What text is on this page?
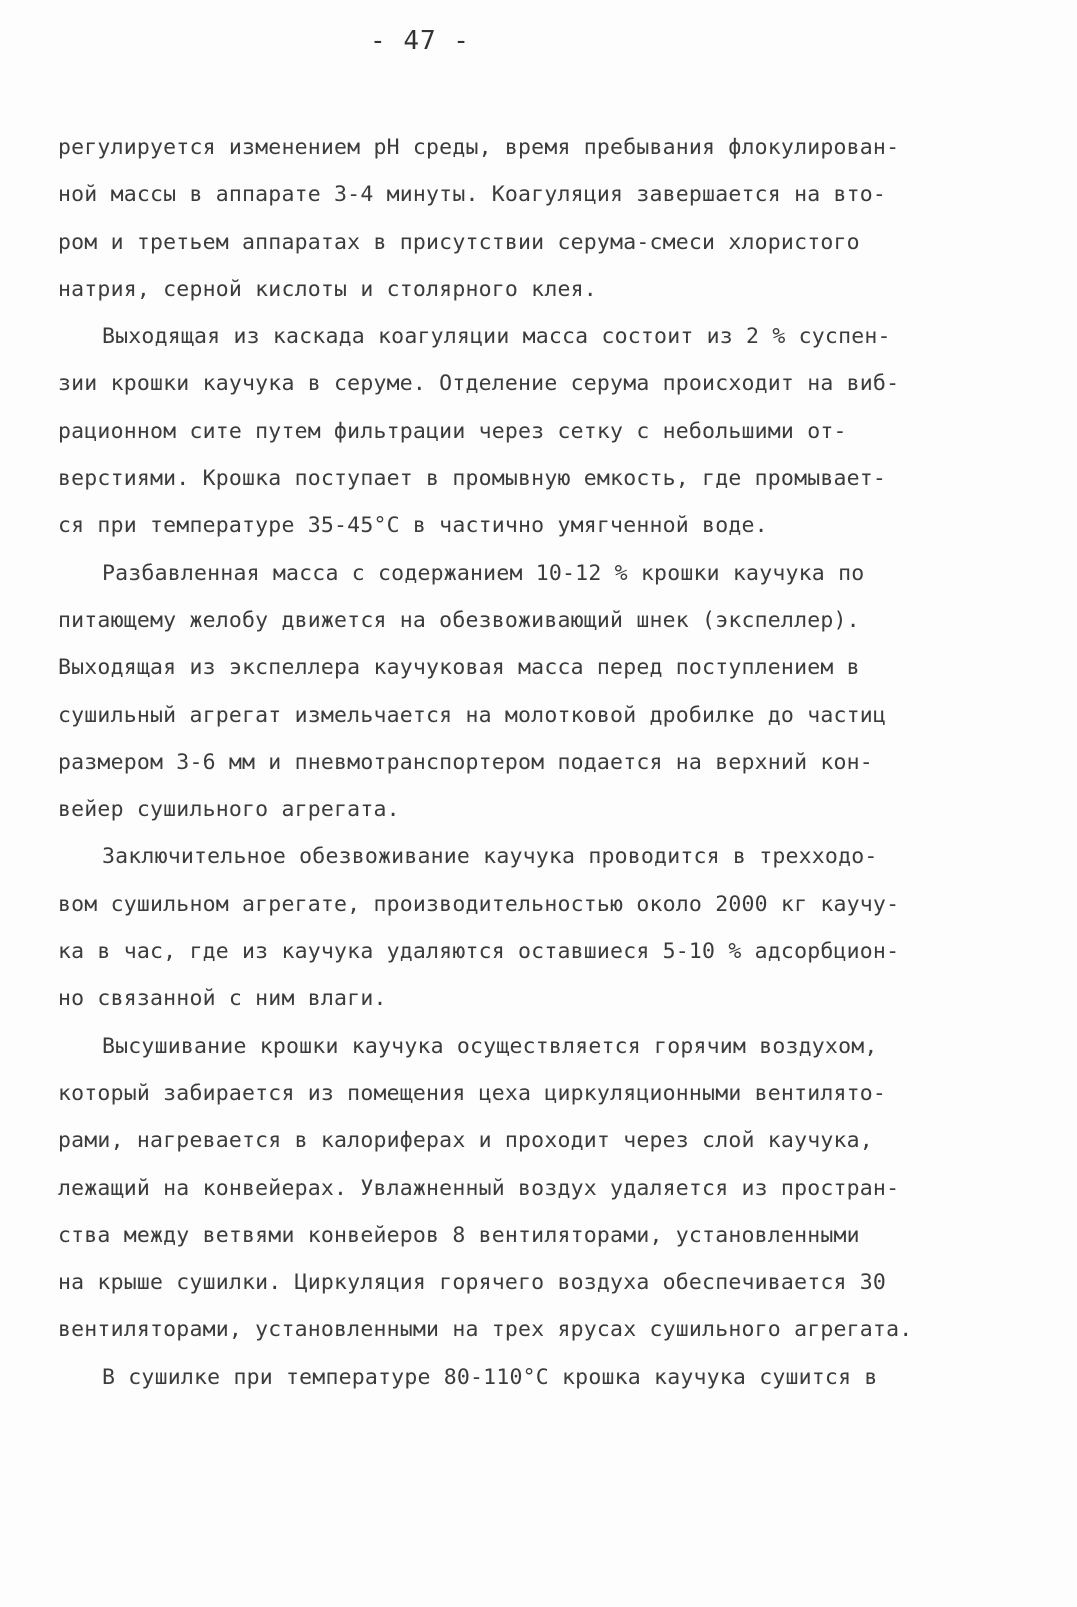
- 47 -
регулируется изменением pH среды, время пребывания флокулирован-
ной массы в аппарате 3-4 минуты. Коагуляция завершается на вто-
ром и третьем аппаратах в присутствии серума-смеси хлористого
натрия, серной кислоты и столярного клея.
Выходящая из каскада коагуляции масса состоит из 2 % суспен-
зии крошки каучука в серуме. Отделение серума происходит на виб-
рационном сите путем фильтрации через сетку с небольшими от-
верстиями. Крошка поступает в промывную емкость, где промывает-
ся при температуре 35-45°С в частично умягченной воде.
Разбавленная масса с содержанием 10-12 % крошки каучука по
питающему желобу движется на обезвоживающий шнек (экспеллер).
Выходящая из экспеллера каучуковая масса перед поступлением в
сушильный агрегат измельчается на молотковой дробилке до частиц
размером 3-6 мм и пневмотранспортером подается на верхний кон-
вейер сушильного агрегата.
Заключительное обезвоживание каучука проводится в трехходо-
вом сушильном агрегате, производительностью около 2000 кг каучу-
ка в час, где из каучука удаляются оставшиеся 5-10 % адсорбцион-
но связанной с ним влаги.
Высушивание крошки каучука осуществляется горячим воздухом,
который забирается из помещения цеха циркуляционными вентилято-
рами, нагревается в калориферах и проходит через слой каучука,
лежащий на конвейерах. Увлажненный воздух удаляется из простран-
ства между ветвями конвейеров 8 вентиляторами, установленными
на крыше сушилки. Циркуляция горячего воздуха обеспечивается 30
вентиляторами, установленными на трех ярусах сушильного агрегата.
В сушилке при температуре 80-110°С крошка каучука сушится в
